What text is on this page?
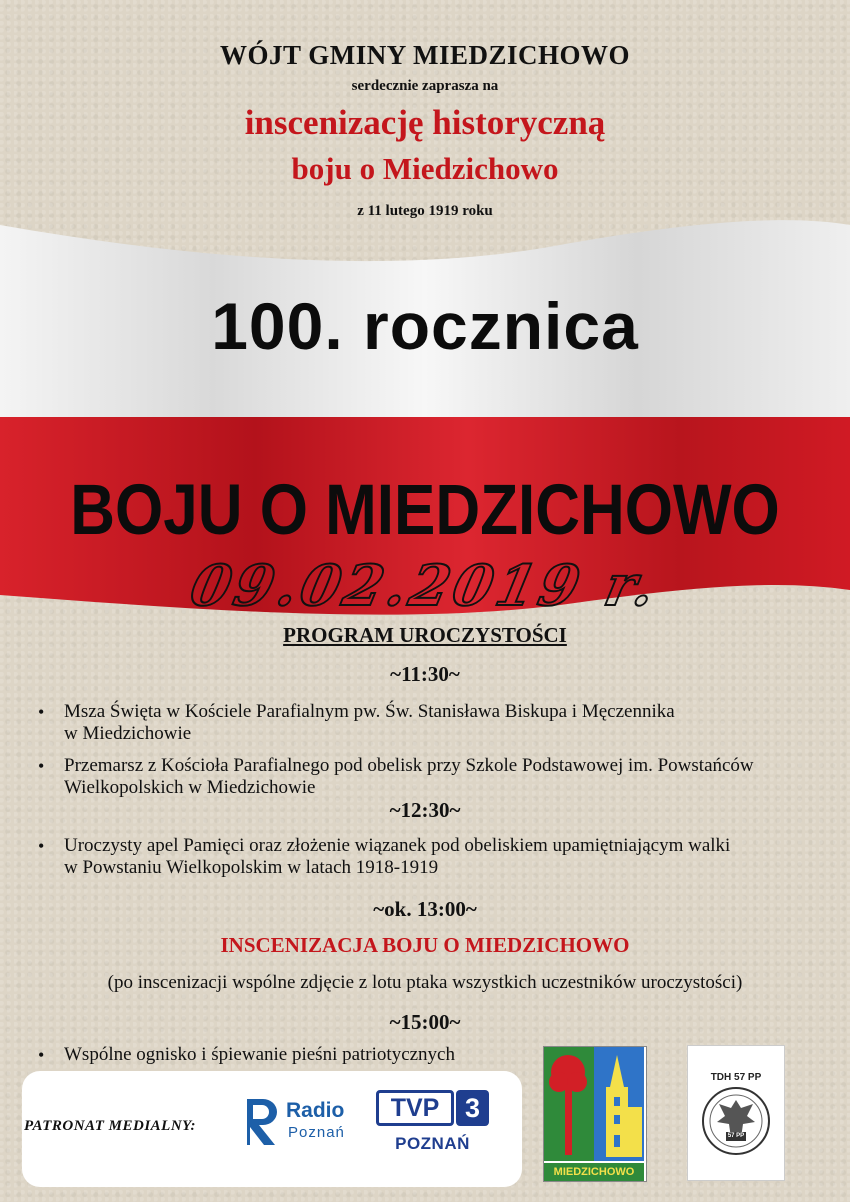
WÓJT GMINY MIEDZICHOWO
serdecznie zaprasza na
inscenizację historyczną
boju o Miedzichowo
z 11 lutego 1919 roku
100. rocznica
BOJU O MIEDZICHOWO
09.02.2019 r.
PROGRAM UROCZYSTOŚCI
~11:30~
• Msza Święta w Kościele Parafialnym pw. Św. Stanisława Biskupa i Męczennika
w Miedzichowie
• Przemarsz z Kościoła Parafialnego pod obelisk przy Szkole Podstawowej im. Powstańców
Wielkopolskich w Miedzichowie
~12:30~
• Uroczysty apel Pamięci oraz złożenie wiązanek pod obeliskiem upamiętniającym walki
w Powstaniu Wielkopolskim w latach 1918-1919
~ok. 13:00~
INSCENIZACJA BOJU O MIEDZICHOWO
(po inscenizacji wspólne zdjęcie z lotu ptaka wszystkich uczestników uroczystości)
~15:00~
• Wspólne ognisko i śpiewanie pieśni patriotycznych
PATRONAT MEDIALNY:
Radio
Poznań
TVP 3
POZNAŃ
MIEDZICHOWO
TDH 57 PP
57 PP
